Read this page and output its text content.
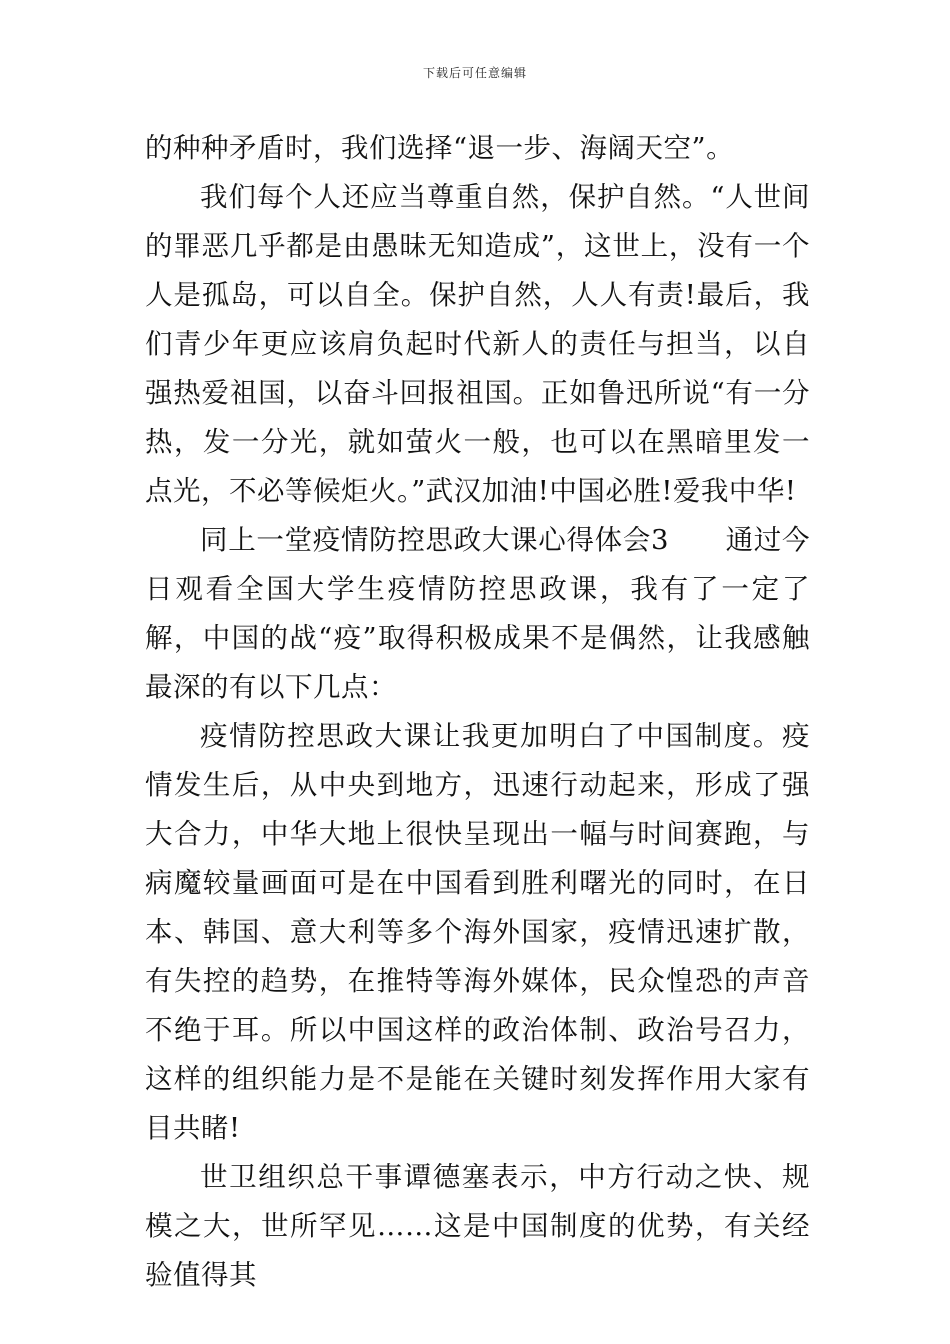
下载后可任意编辑

的种种矛盾时，我们选择“退一步、海阔天空”。

我们每个人还应当尊重自然，保护自然。“人世间的罪恶几乎都是由愚昧无知造成”，这世上，没有一个人是孤岛，可以自全。保护自然，人人有责!最后，我们青少年更应该肩负起时代新人的责任与担当，以自强热爱祖国，以奋斗回报祖国。正如鲁迅所说“有一分热，发一分光，就如萤火一般，也可以在黑暗里发一点光，不必等候炬火。”武汉加油!中国必胜!爱我中华!

同上一堂疫情防控思政大课心得体会3　　通过今日观看全国大学生疫情防控思政课，我有了一定了解，中国的战“疫”取得积极成果不是偶然，让我感触最深的有以下几点：

疫情防控思政大课让我更加明白了中国制度。疫情发生后，从中央到地方，迅速行动起来，形成了强大合力，中华大地上很快呈现出一幅与时间赛跑，与病魔较量画面可是在中国看到胜利曙光的同时，在日本、韩国、意大利等多个海外国家，疫情迅速扩散，有失控的趋势，在推特等海外媒体，民众惶恐的声音不绝于耳。所以中国这样的政治体制、政治号召力，这样的组织能力是不是能在关键时刻发挥作用大家有目共睹!

世卫组织总干事谭德塞表示，中方行动之快、规模之大，世所罕见……这是中国制度的优势，有关经验值得其
